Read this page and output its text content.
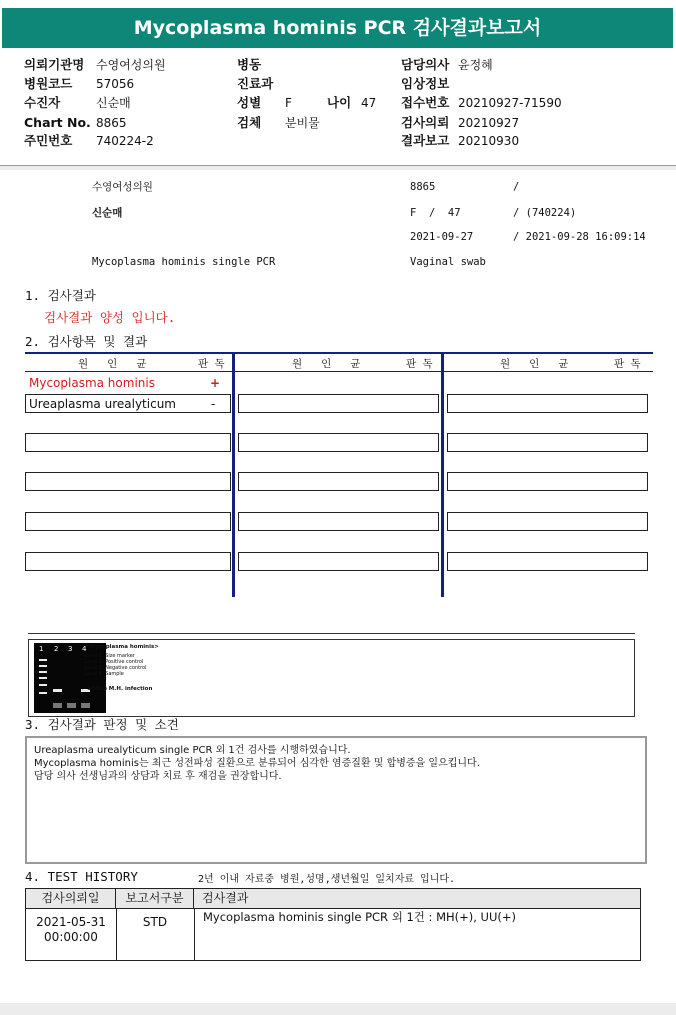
Mycoplasma hominis PCR 검사결과보고서
의뢰기관명 수영여성의원
병원코드 57056
수진자	신순매
Chart No. 8865
주민번호 740224-2
병동
진료과
성별 F	나이 47
검체 분비물
담당의사 윤정혜
임상정보
접수번호 20210927-71590
검사의뢰 20210927
결과보고 20210930
수영여성의원	8865	/
신순매	F  /  47	/ (740224)
2021-09-27	/ 2021-09-28 16:09:14
Mycoplasma hominis single PCR	Vaginal swab
1. 검사결과
검사결과 양성 입니다.
2. 검사항목 및 결과
원   인   균	판 독	원   인   균	판 독	원   인   균	판 독
Mycoplasma hominis	+
Ureaplasma urealyticum	-
1 2 3 4
<Mycoplasma hominis>
Lane 1: Size marker
Lane 2: Positive control
Lane 3: Negative control
Lane 4: Sample
← 380bp M.H. infection
3. 검사결과 판정 및 소견
Ureaplasma urealyticum single PCR 외 1건 검사를 시행하였습니다.
Mycoplasma hominis는 최근 성전파성 질환으로 분류되어 심각한 염증질환 및 합병증을 일으킵니다.
담당 의사 선생님과의 상담과 치료 후 재검을 권장합니다.
4. TEST HISTORY	2년 이내 자료중 병원,성명,생년월일 일치자료 입니다.
검사의뢰일	보고서구분	검사결과
2021-05-31
00:00:00
STD	Mycoplasma hominis single PCR 외 1건 : MH(+), UU(+)
